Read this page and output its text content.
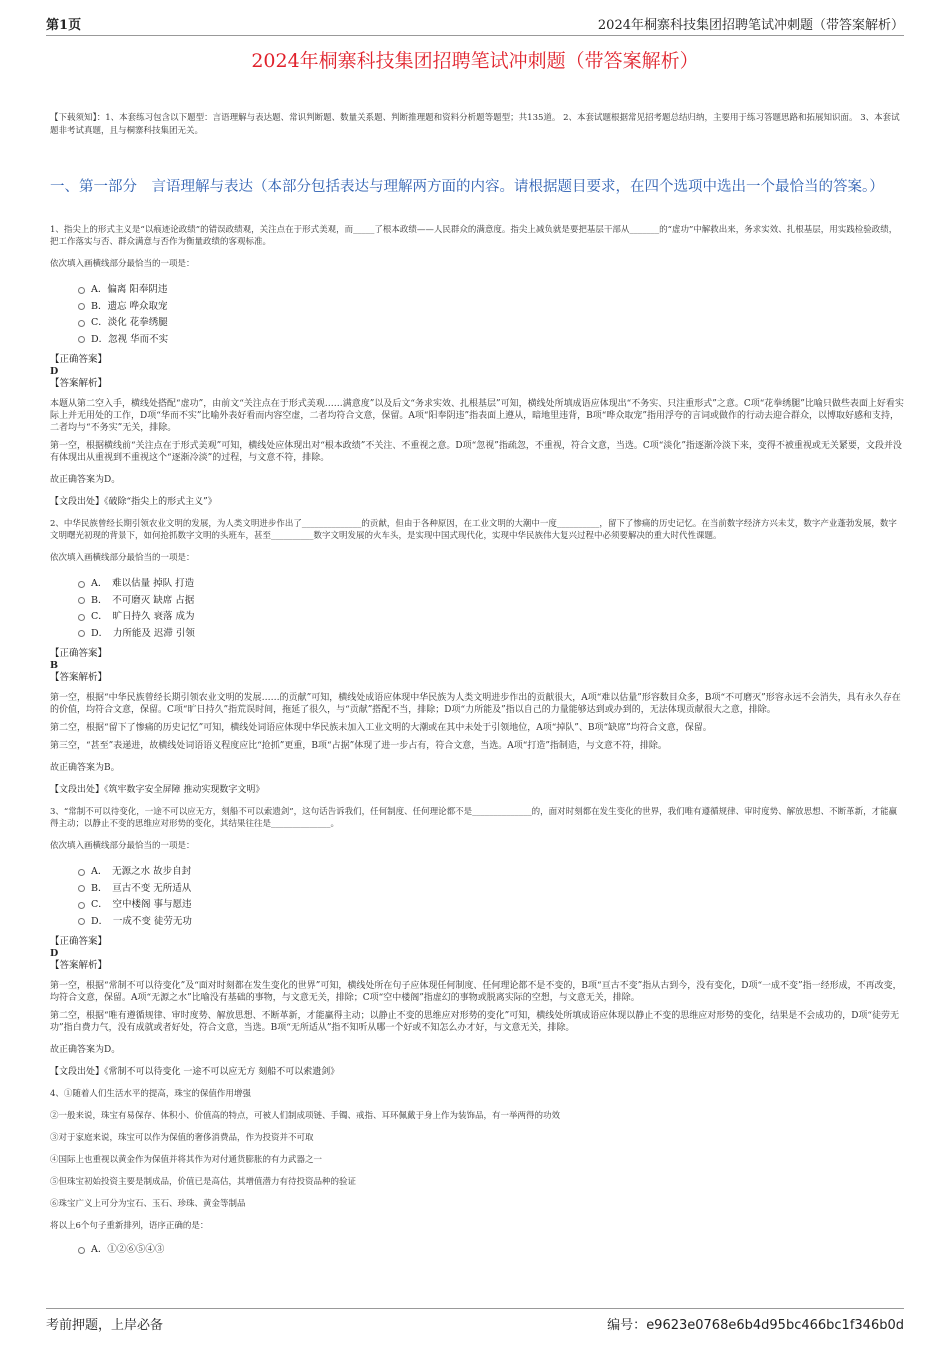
第1页	2024年桐寨科技集团招聘笔试冲刺题（带答案解析）
2024年桐寨科技集团招聘笔试冲刺题（带答案解析）
【下载须知】：1、本套练习包含以下题型：言语理解与表达题、常识判断题、数量关系题、判断推理题和资料分析题等题型；共135道。 2、本套试题根据常见招考题总结归纳，主要用于练习答题思路和拓展知识面。 3、本套试题非考试真题，且与桐寨科技集团无关。
一、第一部分　言语理解与表达（本部分包括表达与理解两方面的内容。请根据题目要求，在四个选项中选出一个最恰当的答案。）
1、指尖上的形式主义是“以痕迹论政绩”的错误政绩观，关注点在于形式美观，而_____了根本政绩——人民群众的满意度。指尖上减负就是要把基层干部从_______的“虚功”中解救出来，务求实效、扎根基层，用实践检验政绩，把工作落实与否、群众满意与否作为衡量政绩的客观标准。
依次填入画横线部分最恰当的一项是：
A．偏离 阳奉阴违
B．遗忘 哗众取宠
C．淡化 花拳绣腿
D．忽视 华而不实
【正确答案】
D
【答案解析】
本题从第二空入手，横线处搭配“虚功”，由前文“关注点在于形式美观……满意度”以及后文“务求实效、扎根基层”可知，横线处所填成语应体现出“不务实、只注重形式”之意。C项“花拳绣腿”比喻只做些表面上好看实际上并无用处的工作，D项“华而不实”比喻外表好看而内容空虚，二者均符合文意，保留。A项“阳奉阴违”指表面上遵从，暗地里违背，B项“哗众取宠”指用浮夸的言词或做作的行动去迎合群众，以博取好感和支持，二者均与“不务实”无关，排除。
第一空，根据横线前“关注点在于形式美观”可知，横线处应体现出对“根本政绩”不关注、不重视之意。D项“忽视”指疏忽，不重视，符合文意，当选。C项“淡化”指逐渐冷淡下来，变得不被重视或无关紧要，文段并没有体现出从重视到不重视这个“逐渐冷淡”的过程，与文意不符，排除。
故正确答案为D。
【文段出处】《破除“指尖上的形式主义”》
2、中华民族曾经长期引领农业文明的发展，为人类文明进步作出了______________的贡献，但由于各种原因，在工业文明的大潮中一度__________，留下了惨痛的历史记忆。在当前数字经济方兴未艾，数字产业蓬勃发展，数字文明曙光初现的背景下，如何抢抓数字文明的头班车，甚至__________数字文明发展的火车头，是实现中国式现代化，实现中华民族伟大复兴过程中必须要解决的重大时代性课题。
依次填入画横线部分最恰当的一项是：
A．　难以估量 掉队 打造
B．　不可磨灭 缺席 占据
C．　旷日持久 衰落 成为
D．　力所能及 迟滞 引领
【正确答案】
B
【答案解析】
第一空，根据“中华民族曾经长期引领农业文明的发展……的贡献”可知，横线处成语应体现中华民族为人类文明进步作出的贡献很大，A项“难以估量”形容数目众多，B项“不可磨灭”形容永远不会消失，具有永久存在的价值，均符合文意，保留。C项“旷日持久”指荒误时间，拖延了很久，与“贡献”搭配不当，排除；D项“力所能及”指以自己的力量能够达到或办到的，无法体现贡献很大之意，排除。
第二空，根据“留下了惨痛的历史记忆”可知，横线处词语应体现中华民族未加入工业文明的大潮或在其中未处于引领地位，A项“掉队”、B项“缺席”均符合文意，保留。
第三空，“甚至”表递进，故横线处词语语义程度应比“抢抓”更重，B项“占据”体现了进一步占有，符合文意，当选。A项“打造”指制造，与文意不符，排除。
故正确答案为B。
【文段出处】《筑牢数字安全屏障 推动实现数字文明》
3、“常制不可以待变化，一途不可以应无方，刻船不可以索遗剑”，这句话告诉我们，任何制度、任何理论都不是______________的，面对时刻都在发生变化的世界，我们唯有遵循规律、审时度势、解放思想、不断革新，才能赢得主动；以静止不变的思维应对形势的变化，其结果往往是______________。
依次填入画横线部分最恰当的一项是：
A．　无源之水 故步自封
B．　亘古不变 无所适从
C．　空中楼阁 事与愿违
D．　一成不变 徒劳无功
【正确答案】
D
【答案解析】
第一空，根据“常制不可以待变化”及“面对时刻都在发生变化的世界”可知，横线处所在句子应体现任何制度、任何理论都不是不变的，B项“亘古不变”指从古到今，没有变化，D项“一成不变”指一经形成，不再改变，均符合文意，保留。A项“无源之水”比喻没有基础的事物，与文意无关，排除；C项“空中楼阁”指虚幻的事物或脱离实际的空想，与文意无关，排除。
第二空，根据“唯有遵循规律、审时度势、解放思想、不断革新，才能赢得主动；以静止不变的思维应对形势的变化”可知，横线处所填成语应体现以静止不变的思维应对形势的变化，结果是不会成功的，D项“徒劳无功”指白费力气，没有成就或者好处，符合文意，当选。B项“无所适从”指不知听从哪一个好或不知怎么办才好，与文意无关，排除。
故正确答案为D。
【文段出处】《常制不可以待变化 一途不可以应无方 刻船不可以索遗剑》
4、①随着人们生活水平的提高，珠宝的保值作用增强
②一般来说，珠宝有易保存、体积小、价值高的特点，可被人们制成项链、手镯、戒指、耳环佩戴于身上作为装饰品，有一举两得的功效
③对于家庭来说，珠宝可以作为保值的奢侈消费品，作为投资并不可取
④国际上也重视以黄金作为保值并将其作为对付通货膨胀的有力武器之一
⑤但珠宝初始投资主要是制成品，价值已是高估，其增值潜力有待投资品种的验证
⑥珠宝广义上可分为宝石、玉石、珍珠、黄金等制品
将以上6个句子重新排列，语序正确的是：
A．①②⑥⑤④③
考前押题，上岸必备	编号：e9623e0768e6b4d95bc466bc1f346b0d
